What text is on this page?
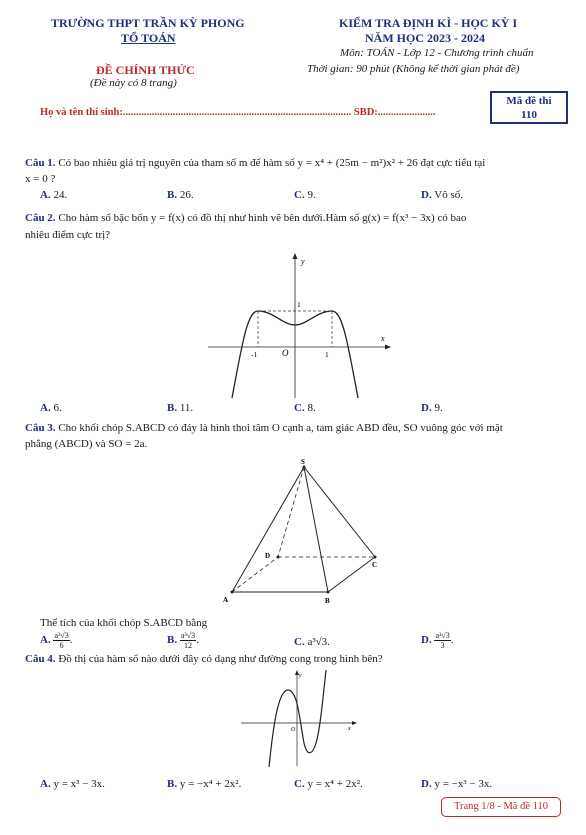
TRƯỜNG THPT TRẦN KỲ PHONG
TỔ TOÁN
KIỂM TRA ĐỊNH KÌ - HỌC KỲ I
NĂM HỌC 2023 - 2024
Môn: TOÁN - Lớp 12 - Chương trình chuẩn
ĐỀ CHÍNH THỨC
(Đề này có 8 trang)
Thời gian: 90 phút (Không kể thời gian phát đề)
Họ và tên thí sinh:....................................................................................... SBD:......................
Mã đề thi
110
Câu 1. Có bao nhiêu giá trị nguyên của tham số m để hàm số y = x⁴ + (25m − m²)x² + 26 đạt cực tiểu tại
x = 0 ?
A. 24.	B. 26.	C. 9.	D. Vô số.
Câu 2. Cho hàm số bậc bốn y = f(x) có đồ thị như hình vẽ bên dưới.Hàm số g(x) = f(x³ − 3x) có bao
nhiêu điểm cực trị?
y
x
O
-1	1
1
A. 6.	B. 11.	C. 8.	D. 9.
Câu 3. Cho khối chóp S.ABCD có đáy là hình thoi tâm O cạnh a, tam giác ABD đều, SO vuông góc với mặt
phẳng (ABCD) và SO = 2a.
S
A	B
C
D
Thể tích của khối chóp S.ABCD bằng
A. $\frac{\text{a³√3}}{6}$ .	B. $\frac{\text{a³√3}}{12}$ .	C. a³√3.	D. $\frac{\text{a³√3}}{3}$ .
Câu 4. Đồ thị của hàm số nào dưới đây có dạng như đường cong trong hình bên?
y
x
O
A. y = x³ − 3x.	B. y = −x⁴ + 2x².	C. y = x⁴ + 2x².	D. y = −x³ − 3x.
Trang 1/8 - Mã đề 110
